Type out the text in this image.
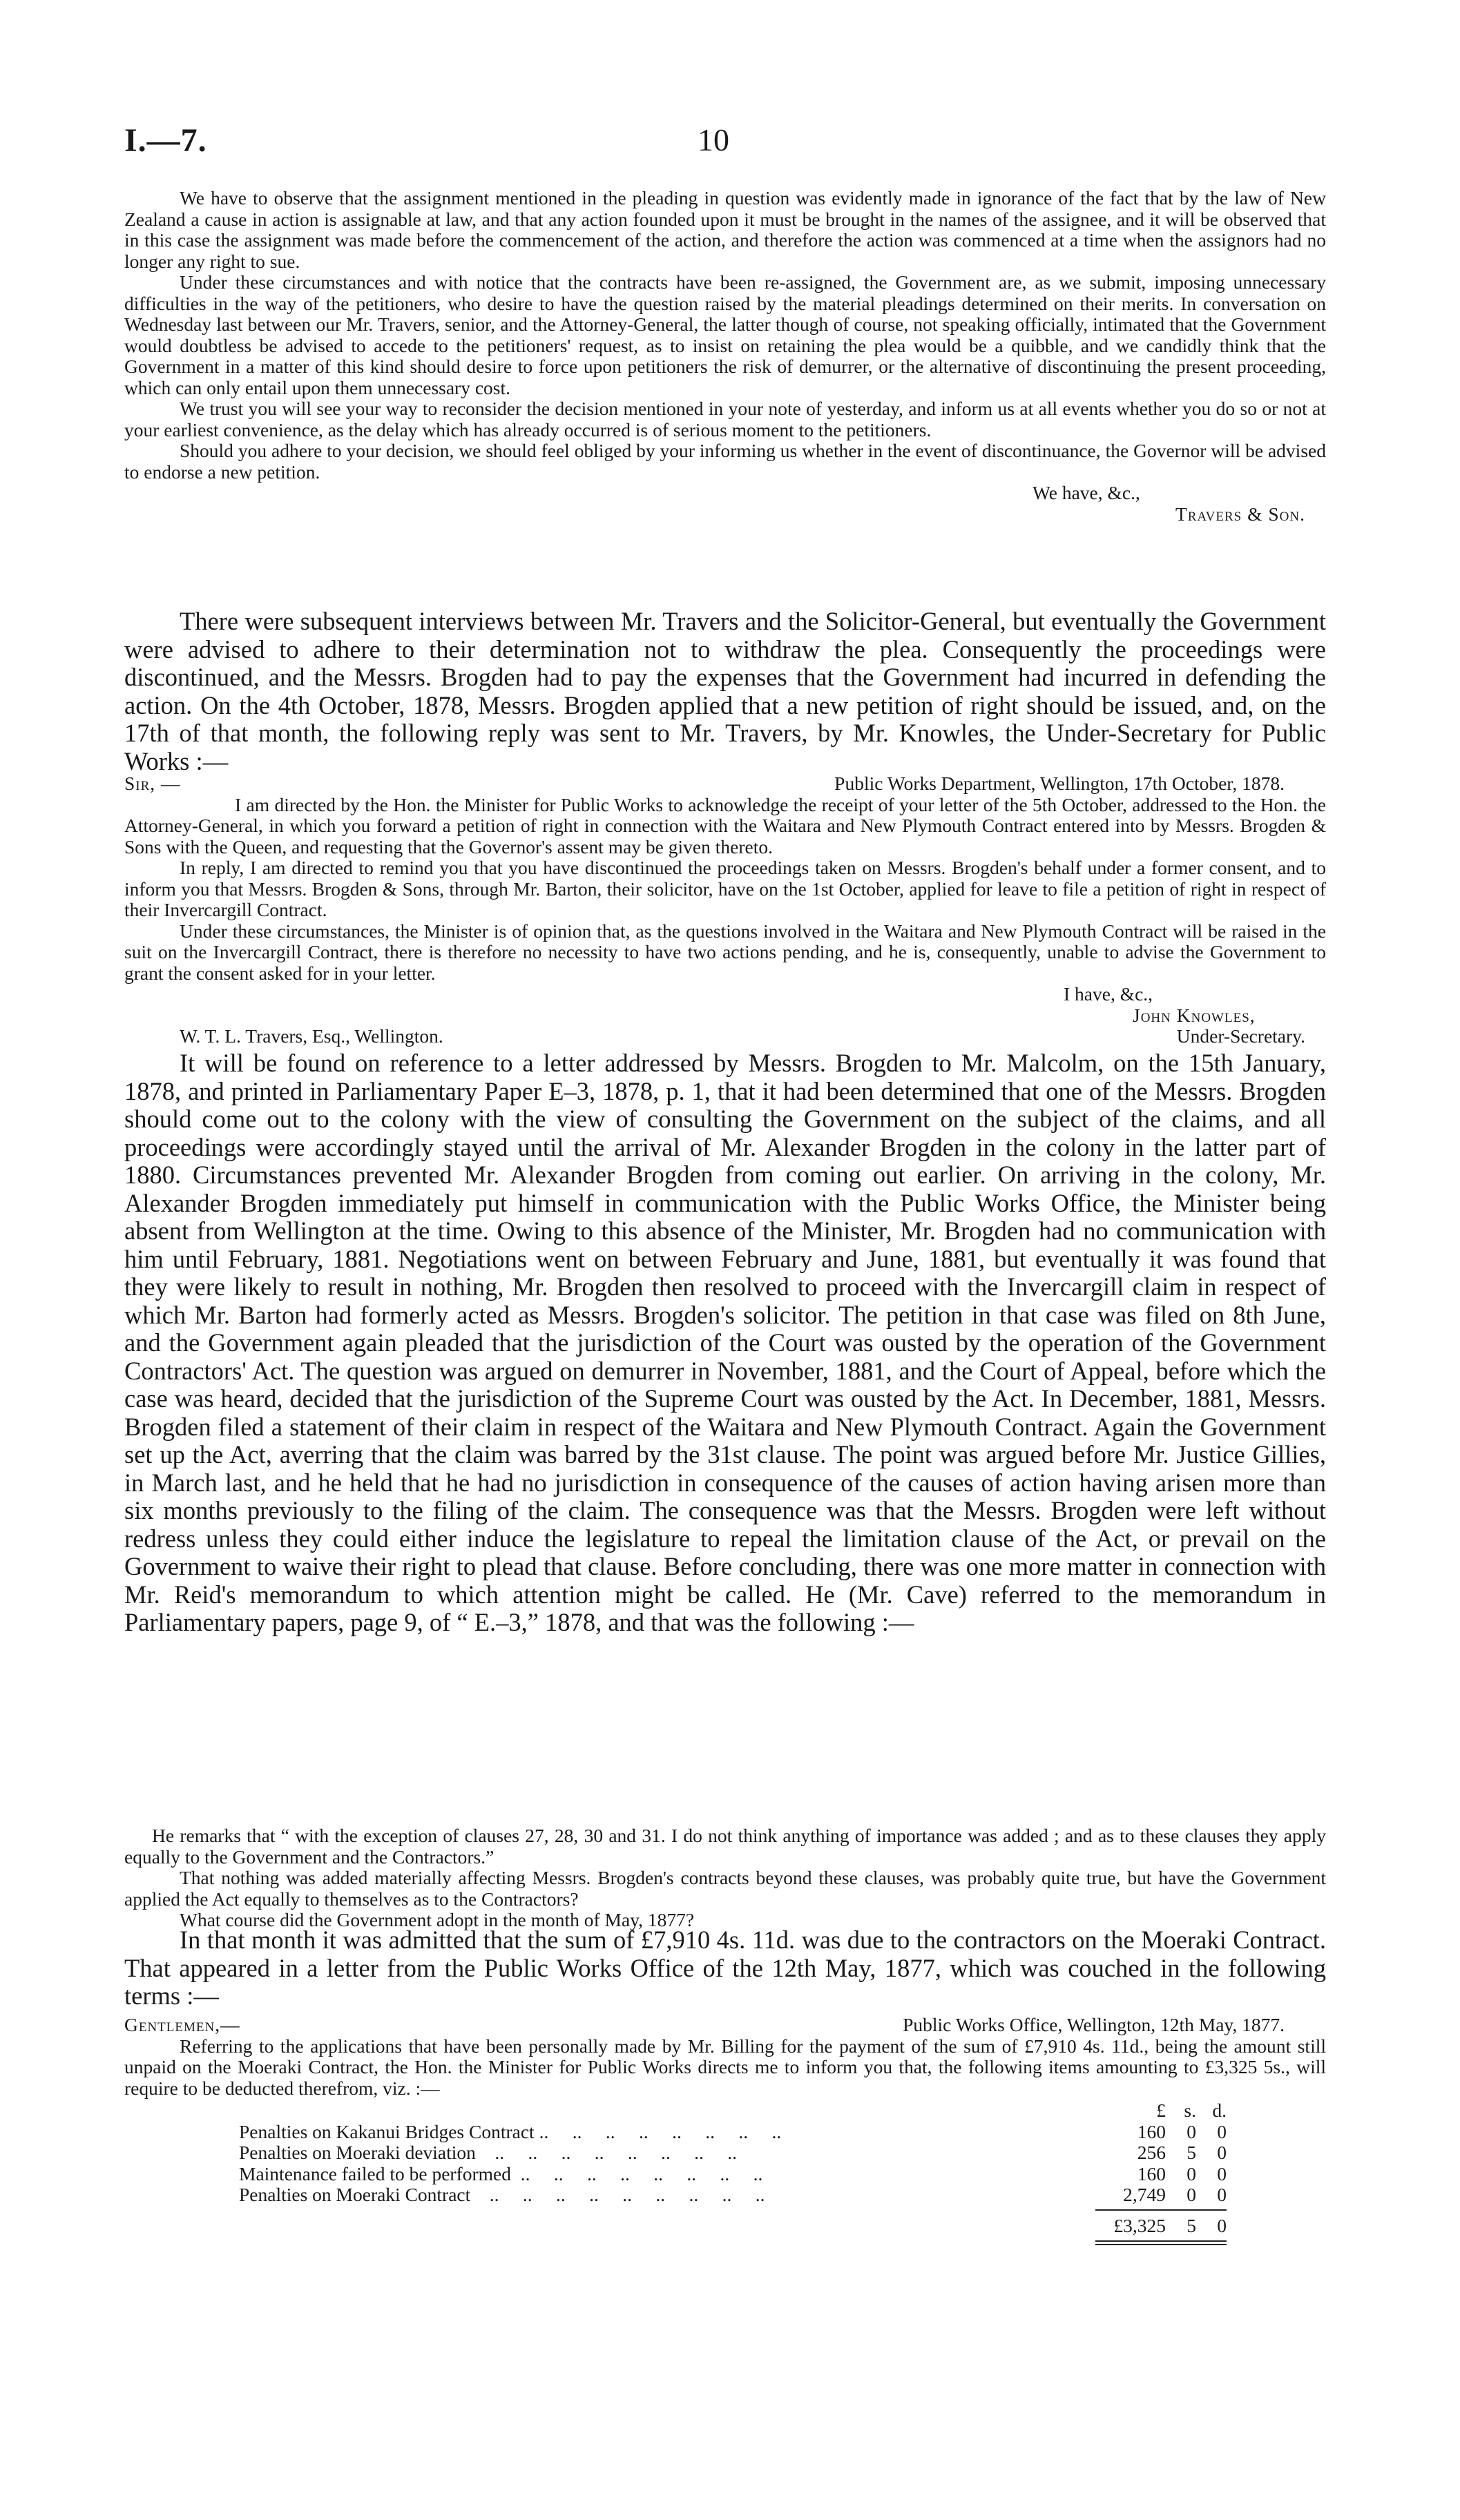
I.—7.	10

We have to observe that the assignment mentioned in the pleading in question was evidently made in ignorance of the fact that by the law of New Zealand a cause in action is assignable at law, and that any action founded upon it must be brought in the names of the assignee, and it will be observed that in this case the assignment was made before the commencement of the action, and therefore the action was commenced at a time when the assignors had no longer any right to sue.

Under these circumstances and with notice that the contracts have been re-assigned, the Government are, as we submit, imposing unnecessary difficulties in the way of the petitioners, who desire to have the question raised by the material pleadings determined on their merits. In conversation on Wednesday last between our Mr. Travers, senior, and the Attorney-General, the latter though of course, not speaking officially, intimated that the Government would doubtless be advised to accede to the petitioners' request, as to insist on retaining the plea would be a quibble, and we candidly think that the Government in a matter of this kind should desire to force upon petitioners the risk of demurrer, or the alternative of discontinuing the present proceeding, which can only entail upon them unnecessary cost.

We trust you will see your way to reconsider the decision mentioned in your note of yesterday, and inform us at all events whether you do so or not at your earliest convenience, as the delay which has already occurred is of serious moment to the petitioners.

Should you adhere to your decision, we should feel obliged by your informing us whether in the event of discontinuance, the Governor will be advised to endorse a new petition.

We have, &c.,

Travers & Son.

There were subsequent interviews between Mr. Travers and the Solicitor-General, but eventually the Government were advised to adhere to their determination not to withdraw the plea. Consequently the proceedings were discontinued, and the Messrs. Brogden had to pay the expenses that the Government had incurred in defending the action. On the 4th October, 1878, Messrs. Brogden applied that a new petition of right should be issued, and, on the 17th of that month, the following reply was sent to Mr. Travers, by Mr. Knowles, the Under-Secretary for Public Works :—

Sir, —	Public Works Department, Wellington, 17th October, 1878.

I am directed by the Hon. the Minister for Public Works to acknowledge the receipt of your letter of the 5th October, addressed to the Hon. the Attorney-General, in which you forward a petition of right in connection with the Waitara and New Plymouth Contract entered into by Messrs. Brogden & Sons with the Queen, and requesting that the Governor's assent may be given thereto.

In reply, I am directed to remind you that you have discontinued the proceedings taken on Messrs. Brogden's behalf under a former consent, and to inform you that Messrs. Brogden & Sons, through Mr. Barton, their solicitor, have on the 1st October, applied for leave to file a petition of right in respect of their Invercargill Contract.

Under these circumstances, the Minister is of opinion that, as the questions involved in the Waitara and New Plymouth Contract will be raised in the suit on the Invercargill Contract, there is therefore no necessity to have two actions pending, and he is, consequently, unable to advise the Government to grant the consent asked for in your letter.

I have, &c.,

John Knowles,

W. T. L. Travers, Esq., Wellington.	Under-Secretary.

It will be found on reference to a letter addressed by Messrs. Brogden to Mr. Malcolm, on the 15th January, 1878, and printed in Parliamentary Paper E–3, 1878, p. 1, that it had been determined that one of the Messrs. Brogden should come out to the colony with the view of consulting the Government on the subject of the claims, and all proceedings were accordingly stayed until the arrival of Mr. Alexander Brogden in the colony in the latter part of 1880. Circumstances prevented Mr. Alexander Brogden from coming out earlier. On arriving in the colony, Mr. Alexander Brogden immediately put himself in communication with the Public Works Office, the Minister being absent from Wellington at the time. Owing to this absence of the Minister, Mr. Brogden had no communication with him until February, 1881. Negotiations went on between February and June, 1881, but eventually it was found that they were likely to result in nothing, Mr. Brogden then resolved to proceed with the Invercargill claim in respect of which Mr. Barton had formerly acted as Messrs. Brogden's solicitor. The petition in that case was filed on 8th June, and the Government again pleaded that the jurisdiction of the Court was ousted by the operation of the Government Contractors' Act. The question was argued on demurrer in November, 1881, and the Court of Appeal, before which the case was heard, decided that the jurisdiction of the Supreme Court was ousted by the Act. In December, 1881, Messrs. Brogden filed a statement of their claim in respect of the Waitara and New Plymouth Contract. Again the Government set up the Act, averring that the claim was barred by the 31st clause. The point was argued before Mr. Justice Gillies, in March last, and he held that he had no jurisdiction in consequence of the causes of action having arisen more than six months previously to the filing of the claim. The consequence was that the Messrs. Brogden were left without redress unless they could either induce the legislature to repeal the limitation clause of the Act, or prevail on the Government to waive their right to plead that clause. Before concluding, there was one more matter in connection with Mr. Reid's memorandum to which attention might be called. He (Mr. Cave) referred to the memorandum in Parliamentary papers, page 9, of “ E.–3,” 1878, and that was the following :—

He remarks that “ with the exception of clauses 27, 28, 30 and 31. I do not think anything of importance was added ; and as to these clauses they apply equally to the Government and the Contractors.”

That nothing was added materially affecting Messrs. Brogden's contracts beyond these clauses, was probably quite true, but have the Government applied the Act equally to themselves as to the Contractors?

What course did the Government adopt in the month of May, 1877?

In that month it was admitted that the sum of £7,910 4s. 11d. was due to the contractors on the Moeraki Contract. That appeared in a letter from the Public Works Office of the 12th May, 1877, which was couched in the following terms :—

Gentlemen,—	Public Works Office, Wellington, 12th May, 1877.

Referring to the applications that have been personally made by Mr. Billing for the payment of the sum of £7,910 4s. 11d., being the amount still unpaid on the Moeraki Contract, the Hon. the Minister for Public Works directs me to inform you that, the following items amounting to £3,325 5s., will require to be deducted therefrom, viz. :—

£ s. d.
Penalties on Kakanui Bridges Contract ..     ..     ..     ..     ..     ..     ..     ..	160	0	0
Penalties on Moeraki deviation    ..     ..     ..     ..     ..     ..     ..     ..	256	5	0
Maintenance failed to be performed  ..     ..     ..     ..     ..     ..     ..     ..	160	0	0
Penalties on Moeraki Contract    ..     ..     ..     ..     ..     ..     ..     ..     ..	2,749	0	0
£3,325	5	0
